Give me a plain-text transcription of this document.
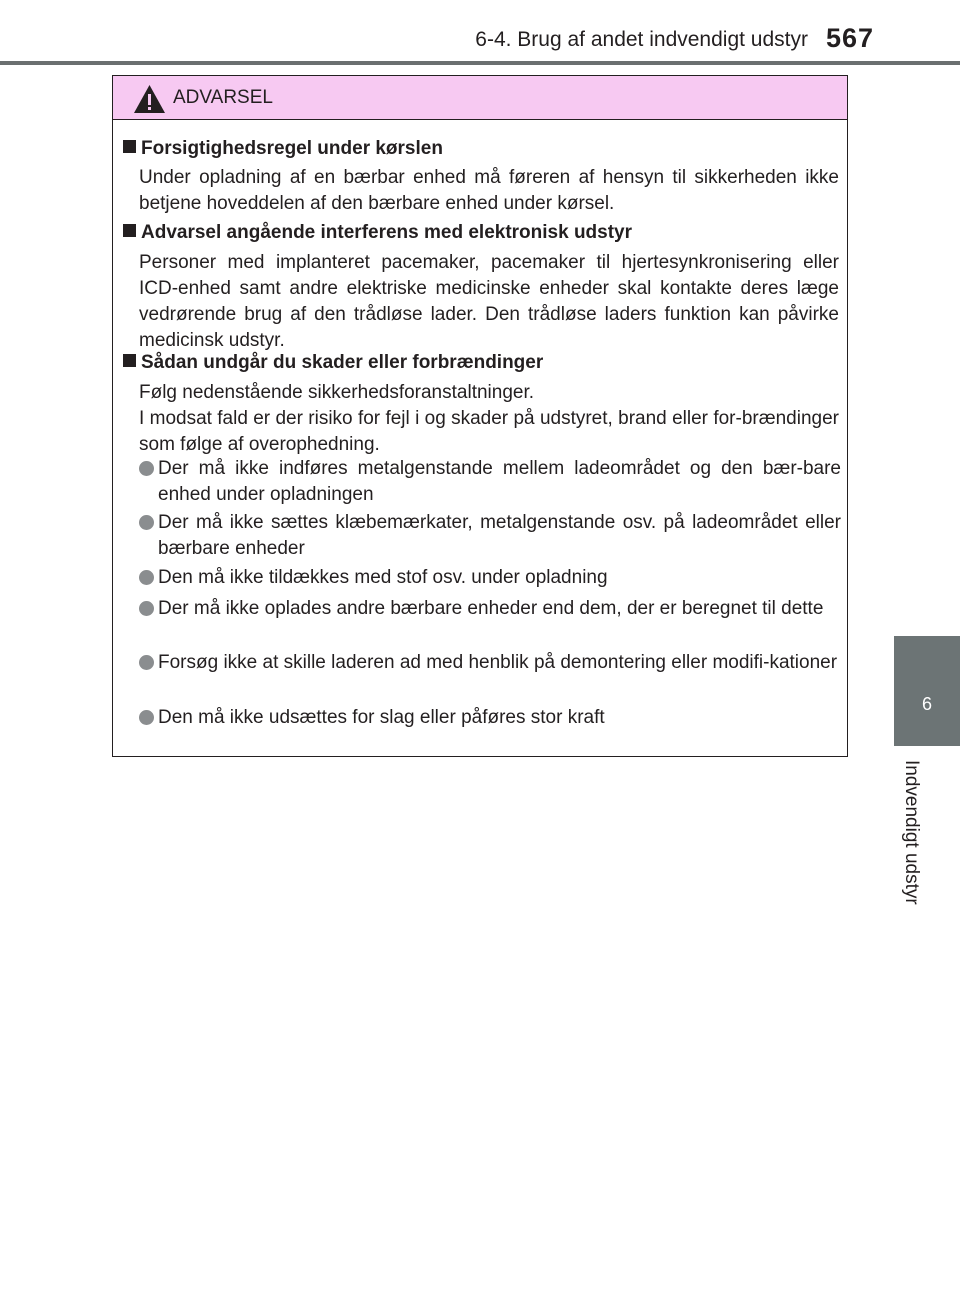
6-4. Brug af andet indvendigt udstyr 567
6
Indvendigt udstyr
ADVARSEL
Forsigtighedsregel under kørslen
Under opladning af en bærbar enhed må føreren af hensyn til sikkerheden ikke betjene hoveddelen af den bærbare enhed under kørsel.
Advarsel angående interferens med elektronisk udstyr
Personer med implanteret pacemaker, pacemaker til hjertesynkronisering eller ICD-enhed samt andre elektriske medicinske enheder skal kontakte deres læge vedrørende brug af den trådløse lader. Den trådløse laders funktion kan påvirke medicinsk udstyr.
Sådan undgår du skader eller forbrændinger
Følg nedenstående sikkerhedsforanstaltninger.
I modsat fald er der risiko for fejl i og skader på udstyret, brand eller for-brændinger som følge af overophedning.
Der må ikke indføres metalgenstande mellem ladeområdet og den bær-bare enhed under opladningen
Der må ikke sættes klæbemærkater, metalgenstande osv. på ladeområdet eller bærbare enheder
Den må ikke tildækkes med stof osv. under opladning
Der må ikke oplades andre bærbare enheder end dem, der er beregnet til dette
Forsøg ikke at skille laderen ad med henblik på demontering eller modifi-kationer
Den må ikke udsættes for slag eller påføres stor kraft
